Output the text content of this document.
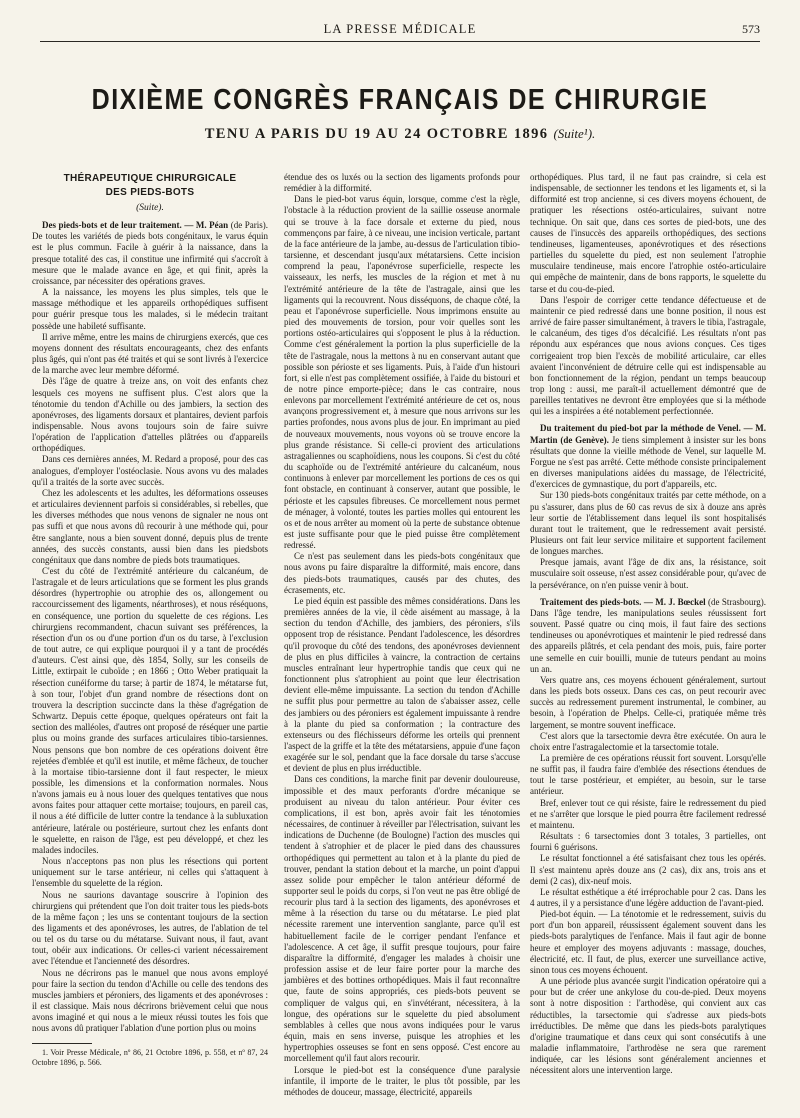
LA PRESSE MÉDICALE	573
DIXIÈME CONGRÈS FRANÇAIS DE CHIRURGIE
TENU A PARIS DU 19 AU 24 OCTOBRE 1896 (Suite¹).
THÉRAPEUTIQUE CHIRURGICALE
DES PIEDS-BOTS
(Suite).

Des pieds-bots et de leur traitement. — M. Péan (de Paris). De toutes les variétés de pieds bots congénitaux, le varus équin est le plus commun. Facile à guérir à la naissance, dans la presque totalité des cas, il constitue une infirmité qui s'accroît à mesure que le malade avance en âge, et qui finit, après la croissance, par nécessiter des opérations graves.

A la naissance, les moyens les plus simples, tels que le massage méthodique et les appareils orthopédiques suffisent pour guérir presque tous les malades, si le médecin traitant possède une habileté suffisante.

Il arrive même, entre les mains de chirurgiens exercés, que ces moyens donnent des résultats encourageants, chez des enfants plus âgés, qui n'ont pas été traités et qui se sont livrés à l'exercice de la marche avec leur membre déformé.

Dès l'âge de quatre à treize ans, on voit des enfants chez lesquels ces moyens ne suffisent plus. C'est alors que la ténotomie du tendon d'Achille ou des jambiers, la section des aponévroses, des ligaments dorsaux et plantaires, devient parfois indispensable. Nous avons toujours soin de faire suivre l'opération de l'application d'attelles plâtrées ou d'appareils orthopédiques.

Dans ces dernières années, M. Redard a proposé, pour des cas analogues, d'employer l'ostéoclasie. Nous avons vu des malades qu'il a traités de la sorte avec succès.

Chez les adolescents et les adultes, les déformations osseuses et articulaires deviennent parfois si considérables, si rebelles, que les diverses méthodes que nous venons de signaler ne nous ont pas suffi et que nous avons dû recourir à une méthode qui, pour être sanglante, nous a bien souvent donné, depuis plus de trente années, des succès constants, aussi bien dans les piedsbots congénitaux que dans nombre de pieds bots traumatiques.

C'est du côté de l'extrémité antérieure du calcanéum, de l'astragale et de leurs articulations que se forment les plus grands désordres (hypertrophie ou atrophie des os, allongement ou raccourcissement des ligaments, néarthroses), et nous réséquons, en conséquence, une portion du squelette de ces régions. Les chirurgiens recommandent, chacun suivant ses préférences, la résection d'un os ou d'une portion d'un os du tarse, à l'exclusion de tout autre, ce qui explique pourquoi il y a tant de procédés d'auteurs. C'est ainsi que, dès 1854, Solly, sur les conseils de Little, extirpait le cuboïde ; en 1866 ; Otto Weber pratiquait la résection cunéiforme du tarse; à partir de 1874, le métatarse fut, à son tour, l'objet d'un grand nombre de résections dont on trouvera la description succincte dans la thèse d'agrégation de Schwartz. Depuis cette époque, quelques opérateurs ont fait la section des malléoles, d'autres ont proposé de réséquer une partie plus ou moins grande des surfaces articulaires tibio-tarsiennes. Nous pensons que bon nombre de ces opérations doivent être rejetées d'emblée et qu'il est inutile, et même fâcheux, de toucher à la mortaise tibio-tarsienne dont il faut respecter, le mieux possible, les dimensions et la conformation normales. Nous n'avons jamais eu à nous louer des quelques tentatives que nous avons faites pour attaquer cette mortaise; toujours, en pareil cas, il nous a été difficile de lutter contre la tendance à la subluxation antérieure, latérale ou postérieure, surtout chez les enfants dont le squelette, en raison de l'âge, est peu développé, et chez les malades indociles.

Nous n'acceptons pas non plus les résections qui portent uniquement sur le tarse antérieur, ni celles qui s'attaquent à l'ensemble du squelette de la région.

Nous ne saurions davantage souscrire à l'opinion des chirurgiens qui prétendent que l'on doit traiter tous les pieds-bots de la même façon ; les uns se contentant toujours de la section des ligaments et des aponévroses, les autres, de l'ablation de tel ou tel os du tarse ou du métatarse. Suivant nous, il faut, avant tout, obéir aux indications. Or celles-ci varient nécessairement avec l'étendue et l'ancienneté des désordres.

Nous ne décrirons pas le manuel que nous avons employé pour faire la section du tendon d'Achille ou celle des tendons des muscles jambiers et péroniers, des ligaments et des aponévroses : il est classique. Mais nous décrirons brièvement celui que nous avons imaginé et qui nous a le mieux réussi toutes les fois que nous avons dû pratiquer l'ablation d'une portion plus ou moins

1. Voir Presse Médicale, nº 86, 21 Octobre 1896, p. 558, et nº 87, 24 Octobre 1896, p. 566.

étendue des os luxés ou la section des ligaments profonds pour remédier à la difformité.

Dans le pied-bot varus équin, lorsque, comme c'est la règle, l'obstacle à la réduction provient de la saillie osseuse anormale qui se trouve à la face dorsale et externe du pied, nous commençons par faire, à ce niveau, une incision verticale, partant de la face antérieure de la jambe, au-dessus de l'articulation tibio-tarsienne, et descendant jusqu'aux métatarsiens. Cette incision comprend la peau, l'aponévrose superficielle, respecte les vaisseaux, les nerfs, les muscles de la région et met à nu l'extrémité antérieure de la tête de l'astragale, ainsi que les ligaments qui la recouvrent. Nous disséquons, de chaque côté, la peau et l'aponévrose superficielle. Nous imprimons ensuite au pied des mouvements de torsion, pour voir quelles sont les portions ostéo-articulaires qui s'opposent le plus à la réduction. Comme c'est généralement la portion la plus superficielle de la tête de l'astragale, nous la mettons à nu en conservant autant que possible son périoste et ses ligaments. Puis, à l'aide d'un histouri fort, si elle n'est pas complètement ossifiée, à l'aide du bistouri et de notre pince emporte-pièce; dans le cas contraire, nous enlevons par morcellement l'extrémité antérieure de cet os, nous avançons progressivement et, à mesure que nous arrivons sur les parties profondes, nous avons plus de jour. En imprimant au pied de nouveaux mouvements, nous voyons où se trouve encore la plus grande résistance. Si celle-ci provient des articulations astragaliennes ou scaphoïdiens, nous les coupons. Si c'est du côté du scaphoïde ou de l'extrémité antérieure du calcanéum, nous continuons à enlever par morcellement les portions de ces os qui font obstacle, en continuant à conserver, autant que possible, le périoste et les capsules fibreuses. Ce morcellement nous permet de ménager, à volonté, toutes les parties molles qui entourent les os et de nous arrêter au moment où la perte de substance obtenue est juste suffisante pour que le pied puisse être complètement redressé.

Ce n'est pas seulement dans les pieds-bots congénitaux que nous avons pu faire disparaître la difformité, mais encore, dans des pieds-bots traumatiques, causés par des chutes, des écrasements, etc.

Le pied équin est passible des mêmes considérations. Dans les premières années de la vie, il cède aisément au massage, à la section du tendon d'Achille, des jambiers, des péroniers, s'ils opposent trop de résistance. Pendant l'adolescence, les désordres qu'il provoque du côté des tendons, des aponévroses deviennent de plus en plus difficiles à vaincre, la contraction de certains muscles entraînant leur hypertrophie tandis que ceux qui ne fonctionnent plus s'atrophient au point que leur électrisation devient elle-même impuissante. La section du tendon d'Achille ne suffit plus pour permettre au talon de s'abaisser assez, celle des jambiers ou des péroniers est également impuissante à rendre à la plante du pied sa conformation ; la contracture des extenseurs ou des fléchisseurs déforme les orteils qui prennent l'aspect de la griffe et la tête des métatarsiens, appuie d'une façon exagérée sur le sol, pendant que la face dorsale du tarse s'accuse et devient de plus en plus irréductible.

Dans ces conditions, la marche finit par devenir douloureuse, impossible et des maux perforants d'ordre mécanique se produisent au niveau du talon antérieur. Pour éviter ces complications, il est bon, après avoir fait les ténotomies nécessaires, de continuer à réveiller par l'électrisation, suivant les indications de Duchenne (de Boulogne) l'action des muscles qui tendent à s'atrophier et de placer le pied dans des chaussures orthopédiques qui permettent au talon et à la plante du pied de trouver, pendant la station debout et la marche, un point d'appui assez solide pour empêcher le talon antérieur déformé de supporter seul le poids du corps, si l'on veut ne pas être obligé de recourir plus tard à la section des ligaments, des aponévroses et même à la résection du tarse ou du métatarse. Le pied plat nécessite rarement une intervention sanglante, parce qu'il est habituellement facile de le corriger pendant l'enfance et l'adolescence. A cet âge, il suffit presque toujours, pour faire disparaître la difformité, d'engager les malades à choisir une profession assise et de leur faire porter pour la marche des jambières et des bottines orthopédiques. Mais il faut reconnaître que, faute de soins appropriés, ces pieds-bots peuvent se compliquer de valgus qui, en s'invétérant, nécessitera, à la longue, des opérations sur le squelette du pied absolument semblables à celles que nous avons indiquées pour le varus équin, mais en sens inverse, puisque les atrophies et les hypertrophies osseuses se font en sens opposé. C'est encore au morcellement qu'il faut alors recourir.

Lorsque le pied-bot est la conséquence d'une paralysie infantile, il importe de le traiter, le plus tôt possible, par les méthodes de douceur, massage, électricité, appareils

orthopédiques. Plus tard, il ne faut pas craindre, si cela est indispensable, de sectionner les tendons et les ligaments et, si la difformité est trop ancienne, si ces divers moyens échouent, de pratiquer les résections ostéo-articulaires, suivant notre technique. On sait que, dans ces sortes de pied-bots, une des causes de l'insuccès des appareils orthopédiques, des sections tendineuses, ligamenteuses, aponévrotiques et des résections partielles du squelette du pied, est non seulement l'atrophie musculaire tendineuse, mais encore l'atrophie ostéo-articulaire qui empêche de maintenir, dans de bons rapports, le squelette du tarse et du cou-de-pied.

Dans l'espoir de corriger cette tendance défectueuse et de maintenir ce pied redressé dans une bonne position, il nous est arrivé de faire passer simultanément, à travers le tibia, l'astragale, le calcanéum, des tiges d'os décalcifié. Les résultats n'ont pas répondu aux espérances que nous avions conçues. Ces tiges corrigeaient trop bien l'excès de mobilité articulaire, car elles avaient l'inconvénient de détruire celle qui est indispensable au bon fonctionnement de la région, pendant un temps beaucoup trop long : aussi, me paraît-il actuellement démontré que de pareilles tentatives ne devront être employées que si la méthode qui les a inspirées a été notablement perfectionnée.

Du traitement du pied-bot par la méthode de Venel. — M. Martin (de Genève). Je tiens simplement à insister sur les bons résultats que donne la vieille méthode de Venel, sur laquelle M. Forgue ne s'est pas arrêté. Cette méthode consiste principalement en diverses manipulations aidées du massage, de l'électricité, d'exercices de gymnastique, du port d'appareils, etc.

Sur 130 pieds-bots congénitaux traités par cette méthode, on a pu s'assurer, dans plus de 60 cas revus de six à douze ans après leur sortie de l'établissement dans lequel ils sont hospitalisés durant tout le traitement, que le redressement avait persisté. Plusieurs ont fait leur service militaire et supportent facilement de longues marches.

Presque jamais, avant l'âge de dix ans, la résistance, soit musculaire soit osseuse, n'est assez considérable pour, qu'avec de la persévérance, on n'en puisse venir à bout.

Traitement des pieds-bots. — M. J. Bœckel (de Strasbourg). Dans l'âge tendre, les manipulations seules réussissent fort souvent. Passé quatre ou cinq mois, il faut faire des sections tendineuses ou aponévrotiques et maintenir le pied redressé dans des appareils plâtrés, et cela pendant des mois, puis, faire porter une semelle en cuir bouilli, munie de tuteurs pendant au moins un an.

Vers quatre ans, ces moyens échouent généralement, surtout dans les pieds bots osseux. Dans ces cas, on peut recourir avec succès au redressement purement instrumental, le combiner, au besoin, à l'opération de Phelps. Celle-ci, pratiquée même très largement, se montre souvent inefficace.

C'est alors que la tarsectomie devra être exécutée. On aura le choix entre l'astragalectomie et la tarsectomie totale.

La première de ces opérations réussit fort souvent. Lorsqu'elle ne suffit pas, il faudra faire d'emblée des résections étendues de tout le tarse postérieur, et empiéter, au besoin, sur le tarse antérieur.

Bref, enlever tout ce qui résiste, faire le redressement du pied et ne s'arrêter que lorsque le pied pourra être facilement redressé et maintenu.

Résultats : 6 tarsectomies dont 3 totales, 3 partielles, ont fourni 6 guérisons.

Le résultat fonctionnel a été satisfaisant chez tous les opérés. Il s'est maintenu après douze ans (2 cas), dix ans, trois ans et demi (2 cas), dix-neuf mois.

Le résultat esthétique a été irréprochable pour 2 cas. Dans les 4 autres, il y a persistance d'une légère adduction de l'avant-pied.

Pied-bot équin. — La ténotomie et le redressement, suivis du port d'un bon appareil, réussissent également souvent dans les pieds-bots paralytiques de l'enfance. Mais il faut agir de bonne heure et employer des moyens adjuvants : massage, douches, électricité, etc. Il faut, de plus, exercer une surveillance active, sinon tous ces moyens échouent.

A une période plus avancée surgit l'indication opératoire qui a pour but de créer une ankylose du cou-de-pied. Deux moyens sont à notre disposition : l'arthodèse, qui convient aux cas réductibles, la tarsectomie qui s'adresse aux pieds-bots irréductibles. De même que dans les pieds-bots paralytiques d'origine traumatique et dans ceux qui sont consécutifs à une maladie inflammatoire, l'arthrodèse ne sera que rarement indiquée, car les lésions sont généralement anciennes et nécessitent alors une intervention large.
